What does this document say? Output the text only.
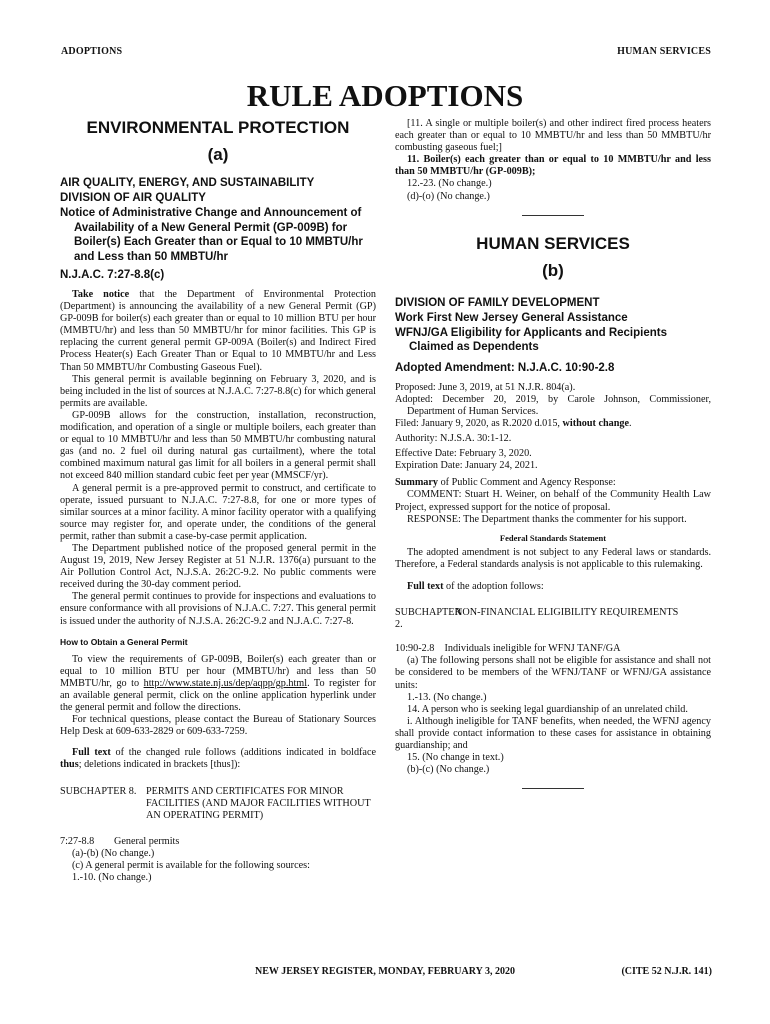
ADOPTIONS	HUMAN SERVICES
RULE ADOPTIONS
ENVIRONMENTAL PROTECTION
(a)
AIR QUALITY, ENERGY, AND SUSTAINABILITY
DIVISION OF AIR QUALITY
Notice of Administrative Change and Announcement of Availability of a New General Permit (GP-009B) for Boiler(s) Each Greater than or Equal to 10 MMBTU/hr and Less than 50 MMBTU/hr
N.J.A.C. 7:27-8.8(c)

Take notice that the Department of Environmental Protection (Department) is announcing the availability of a new General Permit (GP) GP-009B for boiler(s) each greater than or equal to 10 million BTU per hour (MMBTU/hr) and less than 50 MMBTU/hr for minor facilities. This GP is replacing the current general permit GP-009A (Boiler(s) and Indirect Fired Process Heater(s) Each Greater Than or Equal to 10 MMBTU/hr and Less Than 50 MMBTU/hr Combusting Gaseous Fuel).

This general permit is available beginning on February 3, 2020, and is being included in the list of sources at N.J.A.C. 7:27-8.8(c) for which general permits are available.

GP-009B allows for the construction, installation, reconstruction, modification, and operation of a single or multiple boilers, each greater than or equal to 10 MMBTU/hr and less than 50 MMBTU/hr combusting natural gas (and no. 2 fuel oil during natural gas curtailment), where the total combined maximum natural gas limit for all boilers in a general permit shall not exceed 840 million standard cubic feet per year (MMSCF/yr).

A general permit is a pre-approved permit to construct, and certificate to operate, issued pursuant to N.J.A.C. 7:27-8.8, for one or more types of similar sources at a minor facility. A minor facility operator with a qualifying source may register for, and operate under, the conditions of the general permit, rather than submit a case-by-case permit application.

The Department published notice of the proposed general permit in the August 19, 2019, New Jersey Register at 51 N.J.R. 1376(a) pursuant to the Air Pollution Control Act, N.J.S.A. 26:2C-9.2. No public comments were received during the 30-day comment period.

The general permit continues to provide for inspections and evaluations to ensure conformance with all provisions of N.J.A.C. 7:27. This general permit is issued under the authority of N.J.S.A. 26:2C-9.2 and N.J.A.C. 7:27-8.

How to Obtain a General Permit

To view the requirements of GP-009B, Boiler(s) each greater than or equal to 10 million BTU per hour (MMBTU/hr) and less than 50 MMBTU/hr, go to http://www.state.nj.us/dep/aqpp/gp.html. To register for an available general permit, click on the online application hyperlink under the general permit and follow the directions.

For technical questions, please contact the Bureau of Stationary Sources Help Desk at 609-633-2829 or 609-633-7259.

Full text of the changed rule follows (additions indicated in boldface thus; deletions indicated in brackets [thus]):

SUBCHAPTER 8. PERMITS AND CERTIFICATES FOR MINOR FACILITIES (AND MAJOR FACILITIES WITHOUT AN OPERATING PERMIT)
7:27-8.8	General permits

(a)-(b) (No change.)

(c) A general permit is available for the following sources:

1.-10. (No change.)

[11. A single or multiple boiler(s) and other indirect fired process heaters each greater than or equal to 10 MMBTU/hr and less than 50 MMBTU/hr combusting gaseous fuel;]

11. Boiler(s) each greater than or equal to 10 MMBTU/hr and less than 50 MMBTU/hr (GP-009B);

12.-23. (No change.)

(d)-(o) (No change.)

HUMAN SERVICES
(b)
DIVISION OF FAMILY DEVELOPMENT
Work First New Jersey General Assistance
WFNJ/GA Eligibility for Applicants and Recipients Claimed as Dependents
Adopted Amendment: N.J.A.C. 10:90-2.8

Proposed: June 3, 2019, at 51 N.J.R. 804(a).

Adopted: December 20, 2019, by Carole Johnson, Commissioner, Department of Human Services.

Filed: January 9, 2020, as R.2020 d.015, without change.

Authority: N.J.S.A. 30:1-12.

Effective Date: February 3, 2020.

Expiration Date: January 24, 2021.

Summary of Public Comment and Agency Response:

COMMENT: Stuart H. Weiner, on behalf of the Community Health Law Project, expressed support for the notice of proposal.

RESPONSE: The Department thanks the commenter for his support.

Federal Standards Statement

The adopted amendment is not subject to any Federal laws or standards. Therefore, a Federal standards analysis is not applicable to this rulemaking.

Full text of the adoption follows:

SUBCHAPTER 2.
NON-FINANCIAL ELIGIBILITY REQUIREMENTS

10:90-2.8    Individuals ineligible for WFNJ TANF/GA

(a) The following persons shall not be eligible for assistance and shall not be considered to be members of the WFNJ/TANF or WFNJ/GA assistance units:

1.-13. (No change.)

14. A person who is seeking legal guardianship of an unrelated child.

i. Although ineligible for TANF benefits, when needed, the WFNJ agency shall provide contact information to these cases for assistance in obtaining guardianship; and

15. (No change in text.)

(b)-(c) (No change.)

NEW JERSEY REGISTER, MONDAY, FEBRUARY 3, 2020	(CITE 52 N.J.R. 141)
